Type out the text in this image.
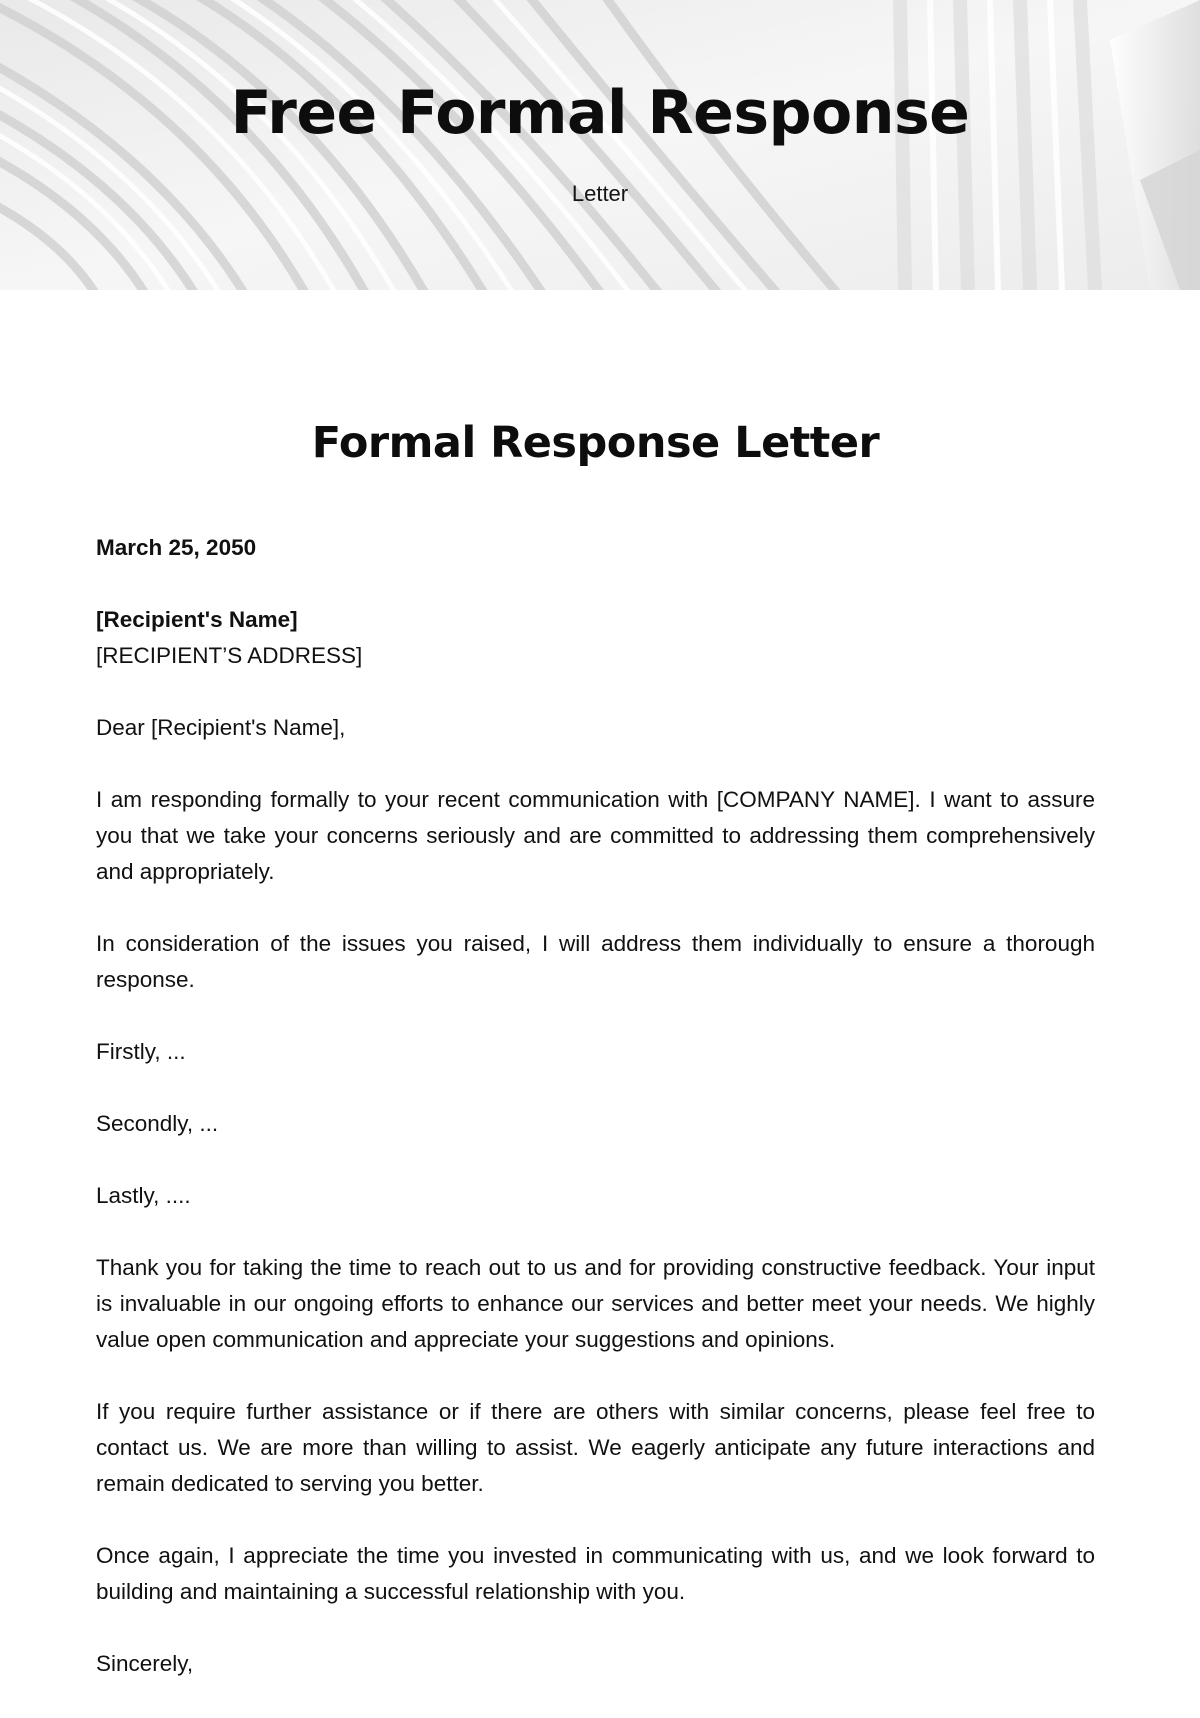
Free Formal Response
Letter
Formal Response Letter

March 25, 2050

[Recipient's Name]

[RECIPIENT’S ADDRESS]

Dear [Recipient's Name],

I am responding formally to your recent communication with [COMPANY NAME]. I want to assure you that we take your concerns seriously and are committed to addressing them comprehensively and appropriately.

In consideration of the issues you raised, I will address them individually to ensure a thorough response.

Firstly, ...

Secondly, ...

Lastly, ....

Thank you for taking the time to reach out to us and for providing constructive feedback. Your input is invaluable in our ongoing efforts to enhance our services and better meet your needs. We highly value open communication and appreciate your suggestions and opinions.

If you require further assistance or if there are others with similar concerns, please feel free to contact us. We are more than willing to assist. We eagerly anticipate any future interactions and remain dedicated to serving you better.

Once again, I appreciate the time you invested in communicating with us, and we look forward to building and maintaining a successful relationship with you.

Sincerely,
